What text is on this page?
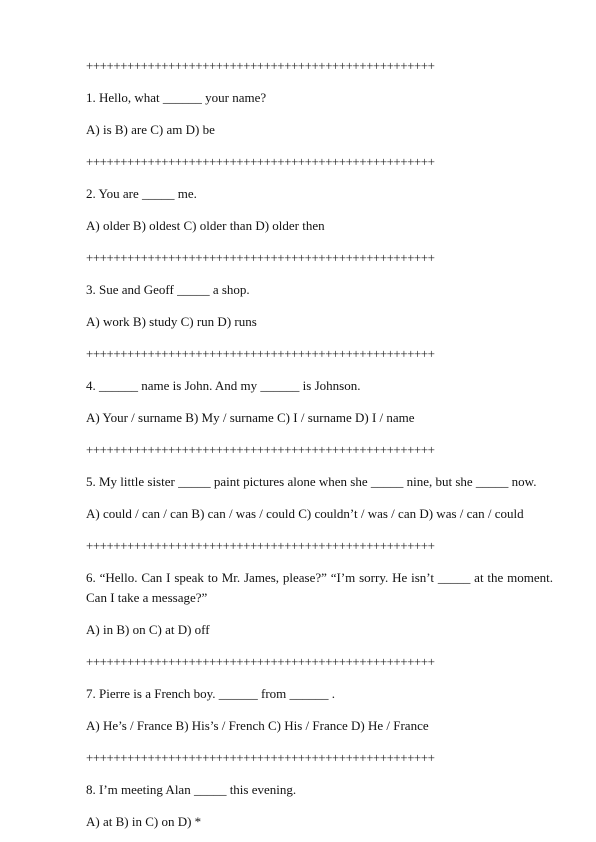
+++++++++++++++++++++++++++++++++++++++++++++++++++

1. Hello, what ______ your name?

A) is B) are C) am D) be

+++++++++++++++++++++++++++++++++++++++++++++++++++

2. You are _____ me.

A) older B) oldest C) older than D) older then

+++++++++++++++++++++++++++++++++++++++++++++++++++

3. Sue and Geoff _____ a shop.

A) work B) study C) run D) runs

+++++++++++++++++++++++++++++++++++++++++++++++++++

4. ______ name is John. And my ______ is Johnson.

A) Your / surname B) My / surname C) I / surname D) I / name

+++++++++++++++++++++++++++++++++++++++++++++++++++

5. My little sister _____ paint pictures alone when she _____ nine, but she _____ now.

A) could / can / can B) can / was / could C) couldn’t / was / can D) was / can / could

+++++++++++++++++++++++++++++++++++++++++++++++++++

6. “Hello. Can I speak to Mr. James, please?” “I’m sorry. He isn’t _____ at the moment. Can I take a message?”

A) in B) on C) at D) off

+++++++++++++++++++++++++++++++++++++++++++++++++++

7. Pierre is a French boy. ______ from ______ .

A) He’s / France B) His’s / French C) His / France D) He / France

+++++++++++++++++++++++++++++++++++++++++++++++++++

8. I’m meeting Alan _____ this evening.

A) at B) in C) on D) *
